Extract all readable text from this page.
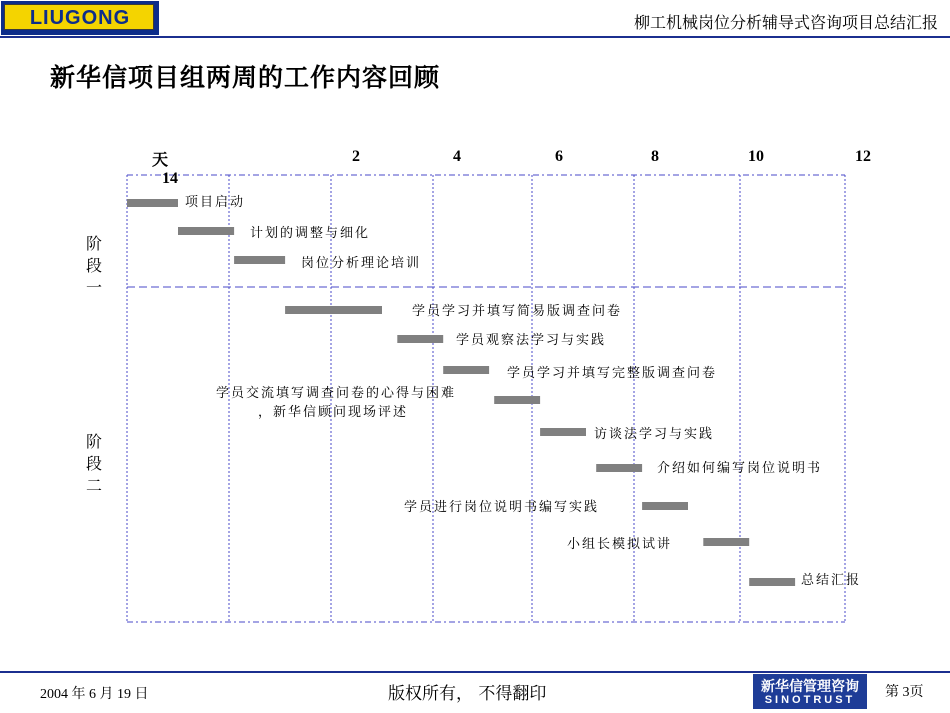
LIUGONG	柳工机械岗位分析辅导式咨询项目总结汇报
新华信项目组两周的工作内容回顾
天
14
2	4	6	8	10	12
阶段一
阶段二
项目启动
计划的调整与细化
岗位分析理论培训
学员学习并填写简易版调查问卷
学员观察法学习与实践
学员学习并填写完整版调查问卷
学员交流填写调查问卷的心得与困难
，新华信顾问现场评述
访谈法学习与实践
介绍如何编写岗位说明书
学员进行岗位说明书编写实践
小组长模拟试讲
总结汇报
2004 年 6 月 19 日	版权所有， 不得翻印	新华信管理咨询
SINOTRUST	第 3页
